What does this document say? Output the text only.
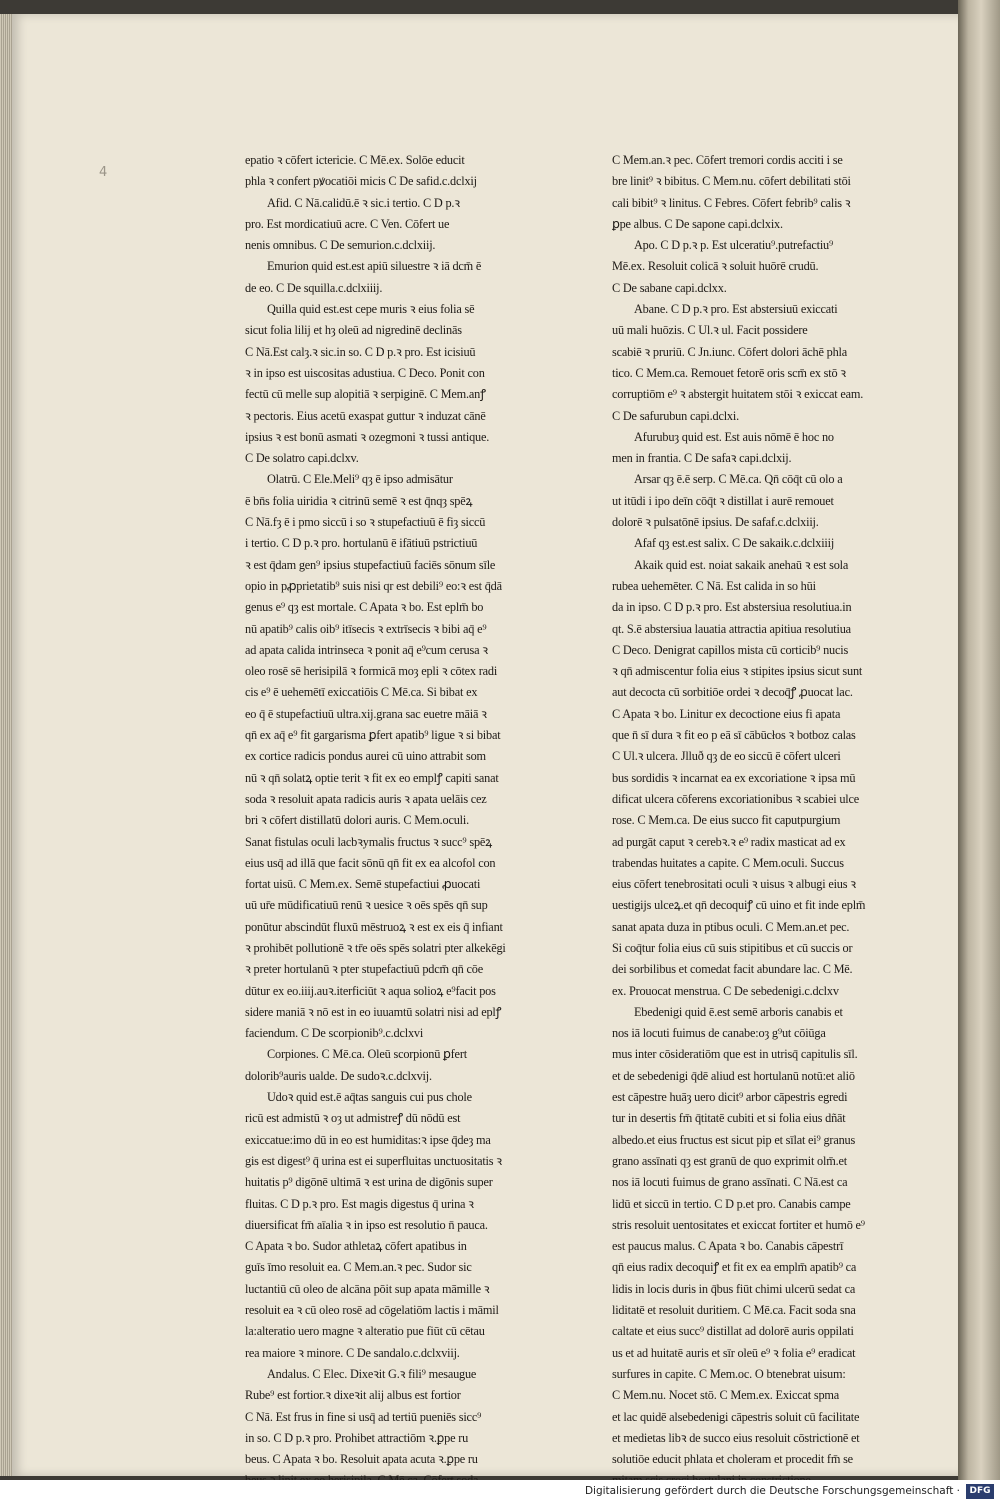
4
epatio ꝛ cōfert ictericie. C Mē.ex. Solōe educit
phla ꝛ confert pꝟocatiōi micis C De safid.c.dclxij
Afid. C Nā.calidū.ē ꝛ sic.i tertio. C D p.ꝛ
pro. Est mordicatiuū acre. C Ven. Cōfert ue
nenis omnibus. C De semurion.c.dclxiij.
Emurion quid est.est apiū siluestre ꝛ iā dcm̄ ē
de eo. C De squilla.c.dclxiiij.
Quilla quid est.est cepe muris ꝛ eius folia sē
sicut folia lilij et hȝ oleū ad nigredinē declinās
C Nā.Est calȝ.ꝛ sic.in so. C D p.ꝛ pro. Est icisiuū
ꝛ in ipso est uiscositas adustiua. C Deco. Ponit con
fectū cū melle sup alopitiā ꝛ serpiginē. C Mem.anꝭ
ꝛ pectoris. Eius acetū exaspat guttur ꝛ induzat cānē
ipsius ꝛ est bonū asmati ꝛ ozegmoni ꝛ tussi antique.
C De solatro capi.dclxv.
Olatrū. C Ele.Meli⁹ qȝ ē ipso admisātur
ē bn̄s folia uiridia ꝛ citrinū semē ꝛ est q̄nqȝ spēꝝ
C Nā.fȝ ē i pmo siccū i so ꝛ stupefactiuū ē fiȝ siccū
i tertio. C D p.ꝛ pro. hortulanū ē ifātiuū pstrictiuū
ꝛ est q̄dam gen⁹ ipsius stupefactiuū faciēs sōnum sīle
opio in pꝓprietatib⁹ suis nisi qr est debili⁹ eo:ꝛ est q̄dā
genus e⁹ qȝ est mortale. C Apata ꝛ bo. Est eplm̄ bo
nū apatib⁹ calis oib⁹ itīsecis ꝛ extrīsecis ꝛ bibi aq̄ e⁹
ad apata calida intrinseca ꝛ ponit aq̄ e⁹cum cerusa ꝛ
oleo rosē sē herisipilā ꝛ formicā moȝ epli ꝛ cōtex radi
cis e⁹ ē uehemētī exiccatiōis C Mē.ca. Si bibat ex
eo q̄ ē stupefactiuū ultra.xij.grana sac euetre māiā ꝛ
qn̄ ex aq̄ e⁹ fit gargarisma ꝑfert apatib⁹ ligue ꝛ si bibat
ex cortice radicis pondus aurei cū uino attrabit som
nū ꝛ qn̄ solatꝝ optie terit ꝛ fit ex eo emplꝭ capiti sanat
soda ꝛ resoluit apata radicis auris ꝛ apata uelāis cez
bri ꝛ cōfert distillatū dolori auris. C Mem.oculi.
Sanat fistulas oculi lacbꝛymalis fructus ꝛ succ⁹ spēꝝ
eius usq̄ ad illā que facit sōnū qn̄ fit ex ea alcofol con
fortat uisū. C Mem.ex. Semē stupefactiui ꝓuocati
uū ur̄e mūdificatiuū renū ꝛ uesice ꝛ oēs spēs qn̄ sup
ponūtur abscindūt fluxū mēstruoꝝ ꝛ est ex eis q̄ infiant
ꝛ prohibēt pollutionē ꝛ tr̄e oēs spēs solatri pter alkekēgi
ꝛ preter hortulanū ꝛ pter stupefactiuū pdcm̄ qn̄ cōe
dūtur ex eo.iiij.auꝛ.iterficiūt ꝛ aqua solioꝝ e⁹facit pos
sidere maniā ꝛ nō est in eo iuuamtū solatri nisi ad eplꝭ
faciendum. C De scorpionib⁹.c.dclxvi
Corpiones. C Mē.ca. Oleū scorpionū ꝑfert
dolorib⁹auris ualde. De sudoꝛ.c.dclxvij.
Udoꝛ quid est.ē aq̄tas sanguis cui pus chole
ricū est admistū ꝛ oȝ ut admistreꝭ dū nōdū est
exiccatue:imo dū in eo est humiditas:ꝛ ipse q̄deȝ ma
gis est digest⁹ q̄ urina est ei superfluitas unctuositatis ꝛ
huitatis p⁹ digōnē ultimā ꝛ est urina de digōnis super
fluitas. C D p.ꝛ pro. Est magis digestus q̄ urina ꝛ
diuersificat fm̄ aīalia ꝛ in ipso est resolutio n̄ pauca.
C Apata ꝛ bo. Sudor athletaꝝ cōfert apatibus in
guīs īmo resoluit ea. C Mem.an.ꝛ pec. Sudor sic
luctantiū cū oleo de alcāna pōit sup apata māmille ꝛ
resoluit ea ꝛ cū oleo rosē ad cōgelatiōm lactis i māmil
la:alteratio uero magne ꝛ alteratio pue fiūt cū cētau
rea maiore ꝛ minore. C De sandalo.c.dclxviij.
Andalus. C Elec. Dixeꝛit G.ꝛ fili⁹ mesaugue
Rube⁹ est fortior.ꝛ dixeꝛit alij albus est fortior
C Nā. Est frus in fine si usq̄ ad tertiū pueniēs sicc⁹
in so. C D p.ꝛ pro. Prohibet attractiōm ꝛ.ꝑpe ru
beus. C Apata ꝛ bo. Resoluit apata acuta ꝛ.ꝑpe ru
C Mem.an.ꝛ pec. Cōfert tremori cordis acciti i se
bre linit⁹ ꝛ bibitus. C Mem.nu. cōfert debilitati stōi
cali bibit⁹ ꝛ linitus. C Febres. Cōfert febrib⁹ calis ꝛ
ꝑpe albus. C De sapone capi.dclxix.
Apo. C D p.ꝛ p. Est ulceratiu⁹.putrefactiu⁹
Mē.ex. Resoluit colicā ꝛ soluit huōrē crudū.
C De sabane capi.dclxx.
Abane. C D p.ꝛ pro. Est abstersiuū exiccati
uū mali huōzis. C Ul.ꝛ ul. Facit possidere
scabiē ꝛ pruriū. C Jn.iunc. Cōfert dolori āchē phla
tico. C Mem.ca. Remouet fetorē oris scm̄ ex stō ꝛ
corruptiōm e⁹ ꝛ abstergit huitatem stōi ꝛ exiccat eam.
C De safurubun capi.dclxi.
Afurubuȝ quid est. Est auis nōmē ē hoc no
men in frantia. C De safaꝛ capi.dclxij.
Arsar qȝ ē.ē serp. C Mē.ca. Qn̄ cōq̄t cū olo a
ut itūdi i ipo deīn cōq̄t ꝛ distillat i aurē remouet
dolorē ꝛ pulsatōnē ipsius. De safaf.c.dclxiij.
Afaf qȝ est.est salix. C De sakaik.c.dclxiiij
Akaik quid est. noiat sakaik anehaū ꝛ est sola
rubea uehemēter. C Nā. Est calida in so hūi
da in ipso. C D p.ꝛ pro. Est abstersiua resolutiua.in
qt. S.ē abstersiua lauatia attractia apitiua resolutiua
C Deco. Denigrat capillos mista cū corticib⁹ nucis
ꝛ qn̄ admiscentur folia eius ꝛ stipites ipsius sicut sunt
aut decocta cū sorbitiōe ordei ꝛ decoq̄ꝭ ꝓuocat lac.
C Apata ꝛ bo. Linitur ex decoctione eius fi apata
que n̄ sī dura ꝛ fit eo p eā sī cābūcłos ꝛ botboz calas
C Ul.ꝛ ulcera. Jlluð qȝ de eo siccū ē cōfert ulceri
bus sordidis ꝛ incarnat ea ex excoriatione ꝛ ipsa mū
dificat ulcera cōferens excoriationibus ꝛ scabiei ulce
rose. C Mem.ca. De eius succo fit caputpurgium
ad purgāt caput ꝛ cerebꝛ.ꝛ e⁹ radix masticat ad ex
trabendas huitates a capite. C Mem.oculi. Succus
eius cōfert tenebrositati oculi ꝛ uisus ꝛ albugi eius ꝛ
uestigijs ulceꝝ.et qn̄ decoquiꝭ cū uino et fit inde eplm̄
sanat apata duza in ptibus oculi. C Mem.an.et pec.
Si coq̄tur folia eius cū suis stipitibus et cū succis or
dei sorbilibus et comedat facit abundare lac. C Mē.
ex. Prouocat menstrua. C De sebedenigi.c.dclxv
Ebedenigi quid ē.est semē arboris canabis et
nos iā locuti fuimus de canabe:oȝ g⁹ut cōiūga
mus inter cōsideratiōm que est in utrisq̄ capitulis sīl.
et de sebedenigi q̄dē aliud est hortulanū notū:et aliō
est cāpestre huāȝ uero dicit⁹ arbor cāpestris egredi
tur in desertis fm̄ q̄titatē cubiti et si folia eius dñāt
albedo.et eius fructus est sicut pip et sīlat ei⁹ granus
grano assīnati qȝ est granū de quo exprimit olm̄.et
nos iā locuti fuimus de grano assīnati. C Nā.est ca
lidū et siccū in tertio. C D p.et pro. Canabis campe
stris resoluit uentositates et exiccat fortiter et humō e⁹
est paucus malus. C Apata ꝛ bo. Canabis cāpestrī
qn̄ eius radix decoquiꝭ et fit ex ea emplm̄ apatib⁹ ca
lidis in locis duris in q̄bus fiūt chimi ulcerū sedat ca
liditatē et resoluit duritiem. C Mē.ca. Facit soda sna
caltate et eius succ⁹ distillat ad dolorē auris oppilati
us et ad huitatē auris et sīr oleū e⁹ ꝛ folia e⁹ eradicat
surfures in capite. C Mem.oc. O btenebrat uisum:
C Mem.nu. Nocet stō. C Mem.ex. Exiccat spma
et lac quidē alsebedenigi cāpestris soluit cū facilitate
et medietas libꝛ de succo eius resoluit cōstrictionē et
solutiōe educit phlata et choleram et procedit fm̄ se
Digitalisierung gefördert durch die Deutsche Forschungsgemeinschaft ·	DFG
